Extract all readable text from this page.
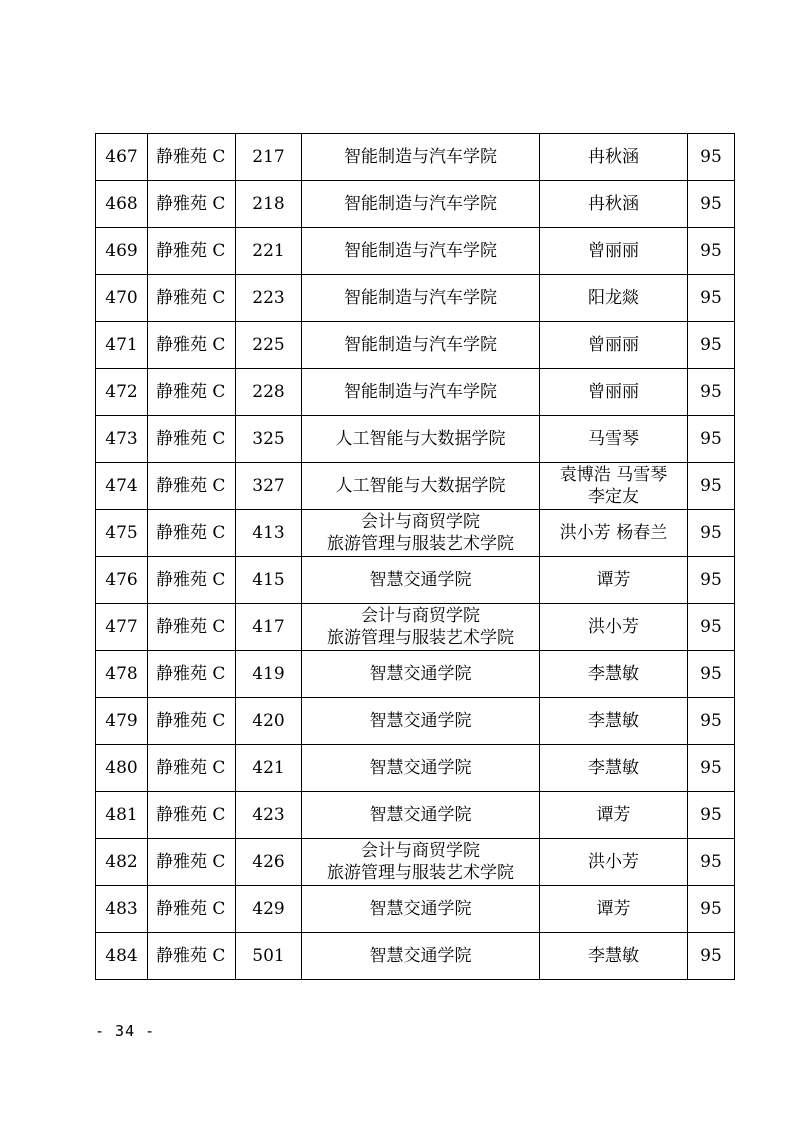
467	静雅苑 C	217	智能制造与汽车学院	冉秋涵	95
468	静雅苑 C	218	智能制造与汽车学院	冉秋涵	95
469	静雅苑 C	221	智能制造与汽车学院	曾丽丽	95
470	静雅苑 C	223	智能制造与汽车学院	阳龙燚	95
471	静雅苑 C	225	智能制造与汽车学院	曾丽丽	95
472	静雅苑 C	228	智能制造与汽车学院	曾丽丽	95
473	静雅苑 C	325	人工智能与大数据学院	马雪琴	95
474	静雅苑 C	327	人工智能与大数据学院	袁博浩 马雪琴
李定友	95
475	静雅苑 C	413	会计与商贸学院
旅游管理与服装艺术学院	洪小芳 杨春兰	95
476	静雅苑 C	415	智慧交通学院	谭芳	95
477	静雅苑 C	417	会计与商贸学院
旅游管理与服装艺术学院	洪小芳	95
478	静雅苑 C	419	智慧交通学院	李慧敏	95
479	静雅苑 C	420	智慧交通学院	李慧敏	95
480	静雅苑 C	421	智慧交通学院	李慧敏	95
481	静雅苑 C	423	智慧交通学院	谭芳	95
482	静雅苑 C	426	会计与商贸学院
旅游管理与服装艺术学院	洪小芳	95
483	静雅苑 C	429	智慧交通学院	谭芳	95
484	静雅苑 C	501	智慧交通学院	李慧敏	95
- 34 -
